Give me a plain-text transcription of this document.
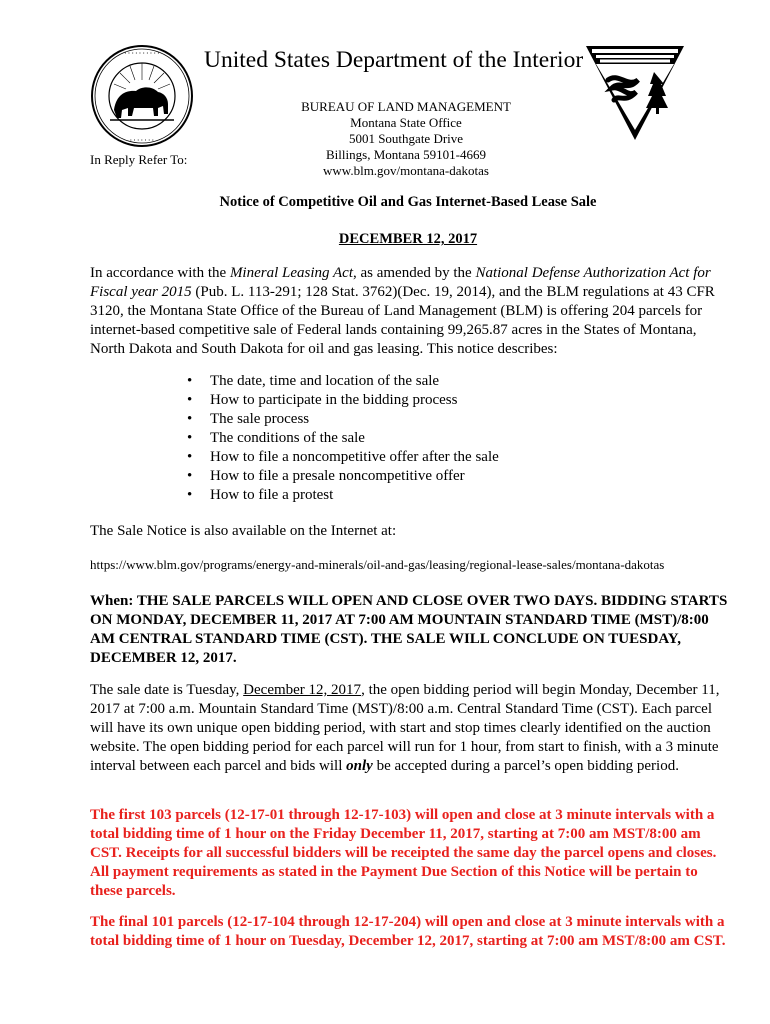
· · · · · · · · · ·
· · · · · · ·
United States Department of the Interior
BUREAU OF LAND MANAGEMENT
Montana State Office
5001 Southgate Drive
Billings, Montana 59101-4669
www.blm.gov/montana-dakotas
In Reply Refer To:
Notice of Competitive Oil and Gas Internet-Based Lease Sale
DECEMBER 12, 2017
In accordance with the Mineral Leasing Act, as amended by the National Defense Authorization Act for Fiscal year 2015 (Pub. L. 113-291; 128 Stat. 3762)(Dec. 19, 2014), and the BLM regulations at 43 CFR 3120, the Montana State Office of the Bureau of Land Management (BLM) is offering 204 parcels for internet-based competitive sale of Federal lands containing 99,265.87 acres in the States of Montana, North Dakota and South Dakota for oil and gas leasing. This notice describes:
• The date, time and location of the sale
• How to participate in the bidding process
• The sale process
• The conditions of the sale
• How to file a noncompetitive offer after the sale
• How to file a presale noncompetitive offer
• How to file a protest
The Sale Notice is also available on the Internet at:
https://www.blm.gov/programs/energy-and-minerals/oil-and-gas/leasing/regional-lease-sales/montana-dakotas
When: THE SALE PARCELS WILL OPEN AND CLOSE OVER TWO DAYS. BIDDING STARTS ON MONDAY, DECEMBER 11, 2017 AT 7:00 AM MOUNTAIN STANDARD TIME (MST)/8:00 AM CENTRAL STANDARD TIME (CST). THE SALE WILL CONCLUDE ON TUESDAY, DECEMBER 12, 2017.
The sale date is Tuesday, December 12, 2017, the open bidding period will begin Monday, December 11, 2017 at 7:00 a.m. Mountain Standard Time (MST)/8:00 a.m. Central Standard Time (CST). Each parcel will have its own unique open bidding period, with start and stop times clearly identified on the auction website. The open bidding period for each parcel will run for 1 hour, from start to finish, with a 3 minute interval between each parcel and bids will only be accepted during a parcel’s open bidding period.
The first 103 parcels (12-17-01 through 12-17-103) will open and close at 3 minute intervals with a total bidding time of 1 hour on the Friday December 11, 2017, starting at 7:00 am MST/8:00 am CST. Receipts for all successful bidders will be receipted the same day the parcel opens and closes. All payment requirements as stated in the Payment Due Section of this Notice will be pertain to these parcels.
The final 101 parcels (12-17-104 through 12-17-204) will open and close at 3 minute intervals with a total bidding time of 1 hour on Tuesday, December 12, 2017, starting at 7:00 am MST/8:00 am CST.
